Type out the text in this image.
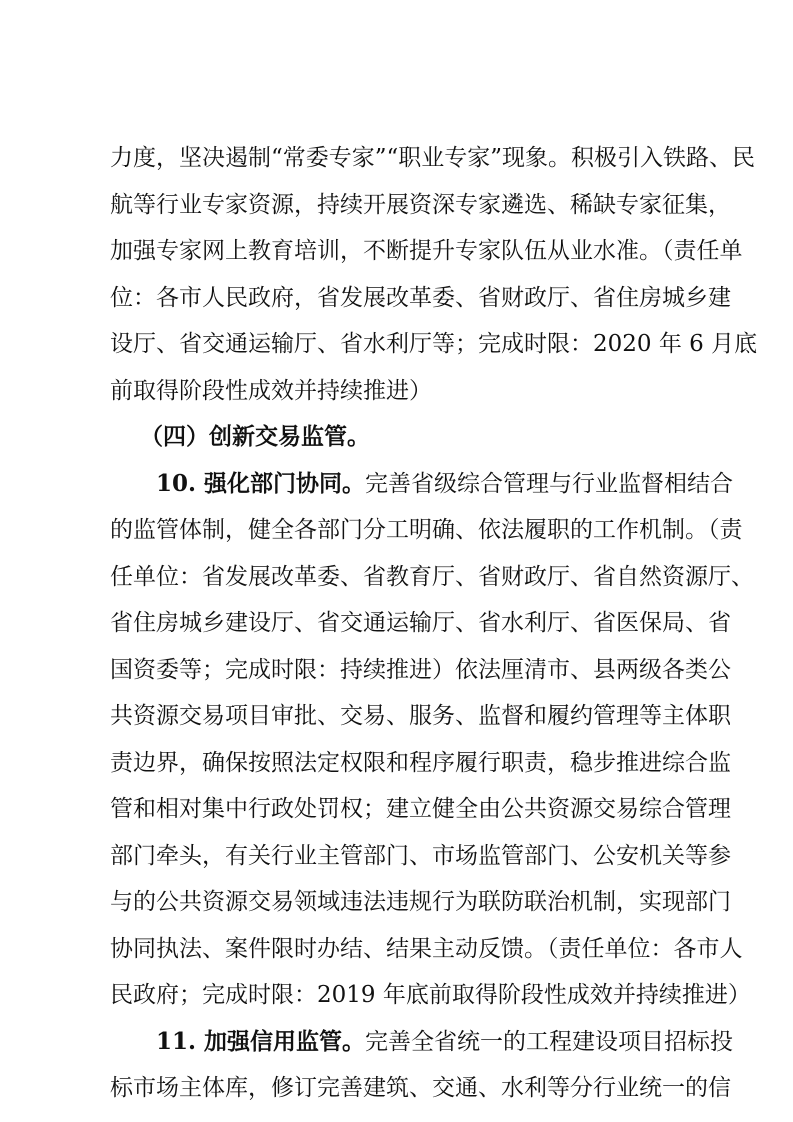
力度，坚决遏制“常委专家”“职业专家”现象。积极引入铁路、民
航等行业专家资源，持续开展资深专家遴选、稀缺专家征集，
加强专家网上教育培训，不断提升专家队伍从业水准。（责任单
位：各市人民政府，省发展改革委、省财政厅、省住房城乡建
设厅、省交通运输厅、省水利厅等；完成时限：2020 年 6 月底
前取得阶段性成效并持续推进）
（四）创新交易监管。
10. 强化部门协同。完善省级综合管理与行业监督相结合
的监管体制，健全各部门分工明确、依法履职的工作机制。（责
任单位：省发展改革委、省教育厅、省财政厅、省自然资源厅、
省住房城乡建设厅、省交通运输厅、省水利厅、省医保局、省
国资委等；完成时限：持续推进）依法厘清市、县两级各类公
共资源交易项目审批、交易、服务、监督和履约管理等主体职
责边界，确保按照法定权限和程序履行职责，稳步推进综合监
管和相对集中行政处罚权；建立健全由公共资源交易综合管理
部门牵头，有关行业主管部门、市场监管部门、公安机关等参
与的公共资源交易领域违法违规行为联防联治机制，实现部门
协同执法、案件限时办结、结果主动反馈。（责任单位：各市人
民政府；完成时限：2019 年底前取得阶段性成效并持续推进）
11. 加强信用监管。完善全省统一的工程建设项目招标投
标市场主体库，修订完善建筑、交通、水利等分行业统一的信
